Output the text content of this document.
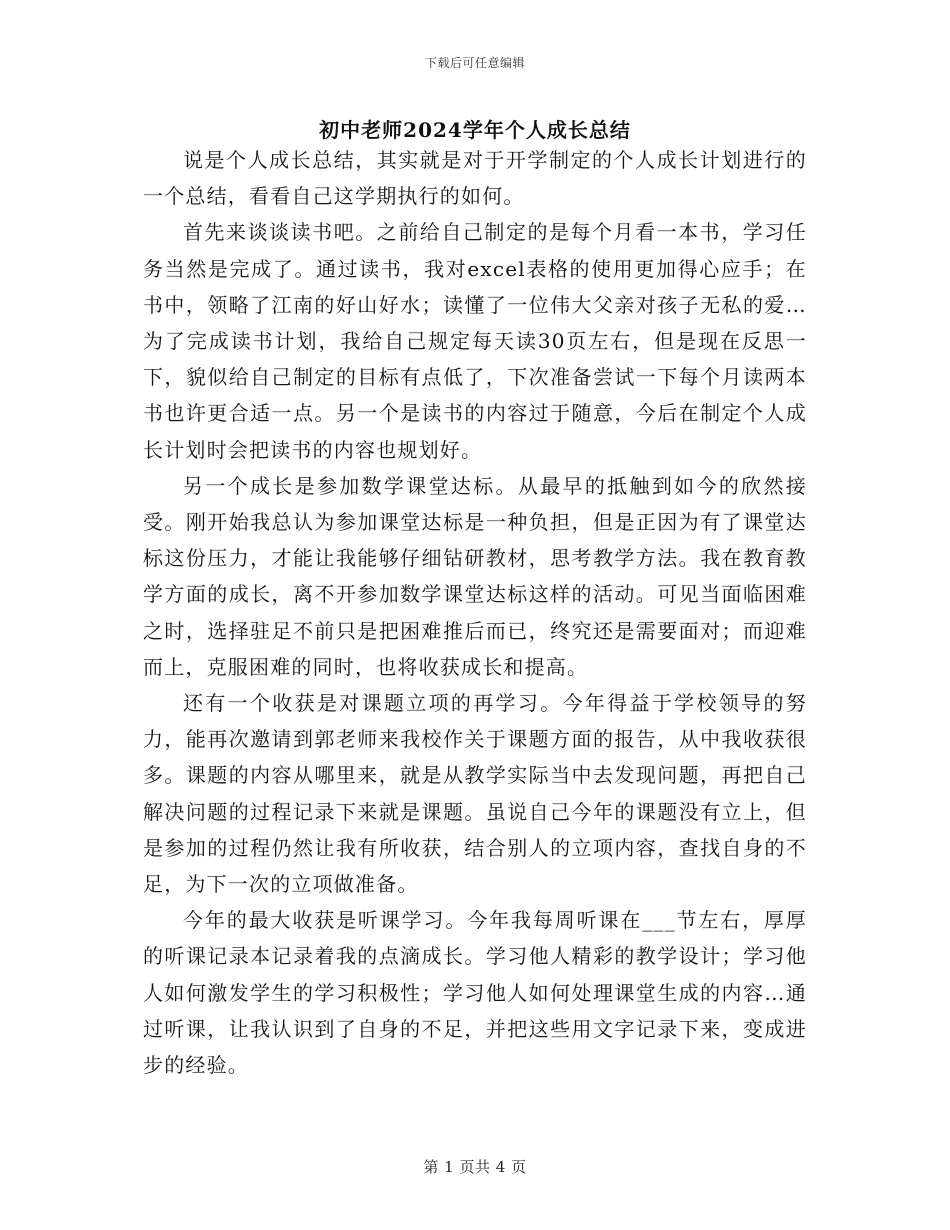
下载后可任意编辑
初中老师2024学年个人成长总结

说是个人成长总结，其实就是对于开学制定的个人成长计划进行的一个总结，看看自己这学期执行的如何。

首先来谈谈读书吧。之前给自己制定的是每个月看一本书，学习任务当然是完成了。通过读书，我对excel表格的使用更加得心应手；在书中，领略了江南的好山好水；读懂了一位伟大父亲对孩子无私的爱…为了完成读书计划，我给自己规定每天读30页左右，但是现在反思一下，貌似给自己制定的目标有点低了，下次准备尝试一下每个月读两本书也许更合适一点。另一个是读书的内容过于随意，今后在制定个人成长计划时会把读书的内容也规划好。

另一个成长是参加数学课堂达标。从最早的抵触到如今的欣然接受。刚开始我总认为参加课堂达标是一种负担，但是正因为有了课堂达标这份压力，才能让我能够仔细钻研教材，思考教学方法。我在教育教学方面的成长，离不开参加数学课堂达标这样的活动。可见当面临困难之时，选择驻足不前只是把困难推后而已，终究还是需要面对；而迎难而上，克服困难的同时，也将收获成长和提高。

还有一个收获是对课题立项的再学习。今年得益于学校领导的努力，能再次邀请到郭老师来我校作关于课题方面的报告，从中我收获很多。课题的内容从哪里来，就是从教学实际当中去发现问题，再把自己解决问题的过程记录下来就是课题。虽说自己今年的课题没有立上，但是参加的过程仍然让我有所收获，结合别人的立项内容，查找自身的不足，为下一次的立项做准备。

今年的最大收获是听课学习。今年我每周听课在___节左右，厚厚的听课记录本记录着我的点滴成长。学习他人精彩的教学设计；学习他人如何激发学生的学习积极性；学习他人如何处理课堂生成的内容…通过听课，让我认识到了自身的不足，并把这些用文字记录下来，变成进步的经验。

第 1 页共 4 页
